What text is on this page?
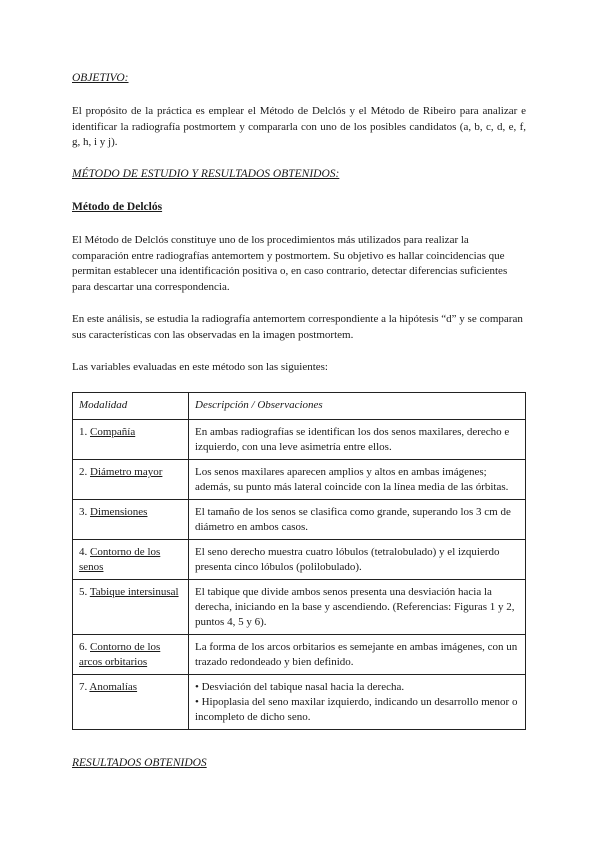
OBJETIVO:
El propósito de la práctica es emplear el Método de Delclós y el Método de Ribeiro para analizar e identificar la radiografía postmortem y compararla con uno de los posibles candidatos (a, b, c, d, e, f, g, h, i y j).
MÉTODO DE ESTUDIO Y RESULTADOS OBTENIDOS:
Método de Delclós
El Método de Delclós constituye uno de los procedimientos más utilizados para realizar la comparación entre radiografías antemortem y postmortem. Su objetivo es hallar coincidencias que permitan establecer una identificación positiva o, en caso contrario, detectar diferencias suficientes para descartar una correspondencia.
En este análisis, se estudia la radiografía antemortem correspondiente a la hipótesis “d” y se comparan sus características con las observadas en la imagen postmortem.
Las variables evaluadas en este método son las siguientes:
Modalidad	Descripción / Observaciones
1. Compañía	En ambas radiografías se identifican los dos senos maxilares, derecho e izquierdo, con una leve asimetría entre ellos.
2. Diámetro mayor	Los senos maxilares aparecen amplios y altos en ambas imágenes; además, su punto más lateral coincide con la línea media de las órbitas.
3. Dimensiones	El tamaño de los senos se clasifica como grande, superando los 3 cm de diámetro en ambos casos.
4. Contorno de los senos	El seno derecho muestra cuatro lóbulos (tetralobulado) y el izquierdo presenta cinco lóbulos (polilobulado).
5. Tabique intersinusal	El tabique que divide ambos senos presenta una desviación hacia la derecha, iniciando en la base y ascendiendo. (Referencias: Figuras 1 y 2, puntos 4, 5 y 6).
6. Contorno de los arcos orbitarios	La forma de los arcos orbitarios es semejante en ambas imágenes, con un trazado redondeado y bien definido.
7. Anomalías	• Desviación del tabique nasal hacia la derecha.
• Hipoplasia del seno maxilar izquierdo, indicando un desarrollo menor o incompleto de dicho seno.
RESULTADOS OBTENIDOS
